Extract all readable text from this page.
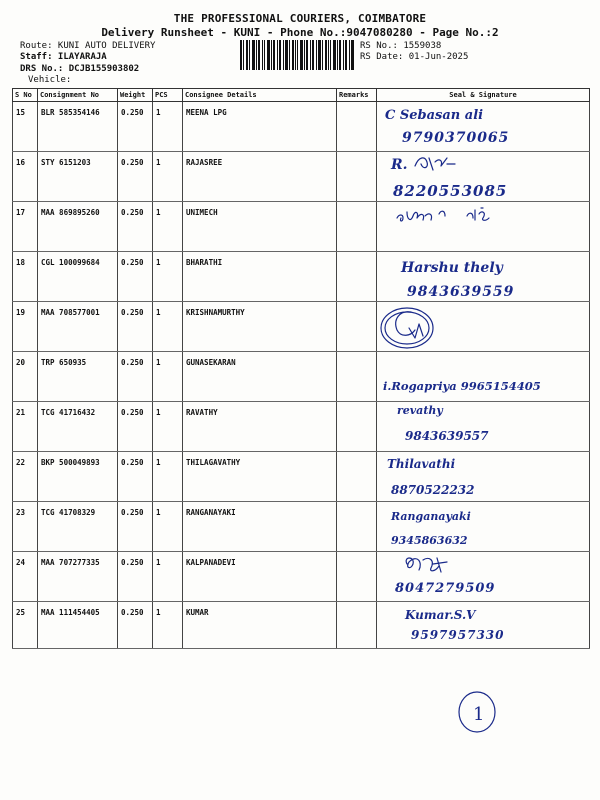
THE PROFESSIONAL COURIERS, COIMBATORE
Delivery Runsheet - KUNI - Phone No.:9047080280 - Page No.:2
Route: KUNI AUTO DELIVERY
Staff: ILAYARAJA
DRS No.: DCJB155903802
Vehicle:
RS No.: 1559038
RS Date: 01-Jun-2025
S No	Consignment No	Weight	PCS	Consignee Details	Remarks	Seal & Signature
15	BLR 585354146	0.250	1	MEENA LPG		C Sebasan ali
9790370065

16	STY 6151203	0.250	1	RAJASREE		R.
8220553085

17	MAA 869895260	0.250	1	UNIMECH		

18	CGL 100099684	0.250	1	BHARATHI		Harshu thely
9843639559

19	MAA 708577001	0.250	1	KRISHNAMURTHY		

20	TRP 650935	0.250	1	GUNASEKARAN		i.Rogapriya 9965154405

21	TCG 41716432	0.250	1	RAVATHY		revathy
9843639557

22	BKP 500049893	0.250	1	THILAGAVATHY		Thilavathi
8870522232

23	TCG 41708329	0.250	1	RANGANAYAKI		Ranganayaki
9345863632

24	MAA 707277335	0.250	1	KALPANADEVI		8047279509

25	MAA 111454405	0.250	1	KUMAR		Kumar.S.V
9597957330
1
